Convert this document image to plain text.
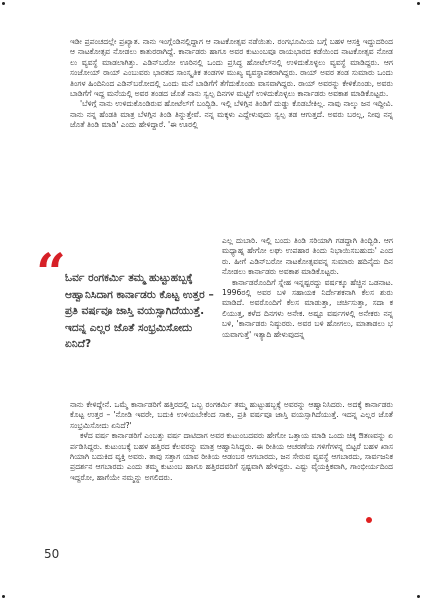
ಇಡೀ ಪ್ರಪಂಚದಲ್ಲೇ ಪ್ರಖ್ಯಾತ. ನಾನು ಇಂಗ್ಲೆಂಡಿನಲ್ಲಿದ್ದಾಗ ಆ ನಾಟಕೋತ್ಸವ ನಡೆಯಿತು. ರಂಗಭೂಮಿಯ ಬಗ್ಗೆ ಬಹಳ ಆಸಕ್ತಿ ಇದ್ದುದರಿಂದ ಆ ನಾಟಕೋತ್ಸವ ನೋಡಲು ಕಾತುರರಾಗಿದ್ದೆ. ಕಾರ್ನಾಡರು ಹಾಗೂ ಅವರ ಕುಟುಂಬವೂ ರಾಯಭಾರದ ಕಡೆಯಿಂದ ನಾಟಕೋತ್ಸವ ನೋಡಲು ವ್ಯವಸ್ಥೆ ಮಾಡಲಾಗಿತ್ತು. ಎಡಿನ್‌ಬರೋ ಊರಿನಲ್ಲಿ ಒಂದು ಪ್ರಸಿದ್ಧ ಹೋಟೆಲ್‌ನಲ್ಲಿ ಉಳಿದುಕೊಳ್ಳಲು ವ್ಯವಸ್ಥೆ ಮಾಡಿದ್ದರು. ಆಗ ಸಂಜೋಯ್ ರಾಯ್ ಎಂಬುವರು ಭಾರತದ ಸಾಂಸ್ಕೃತಿಕ ತಂಡಗಳ ಮುಖ್ಯ ವ್ಯವಸ್ಥಾಪಕರಾಗಿದ್ದರು. ರಾಯ್ ಅವರ ತಂಡ ಸುಮಾರು ಒಂದು ತಿಂಗಳ ಹಿಂದಿನಿಂದ ಎಡಿನ್‌ಬರೋದಲ್ಲಿ ಒಂದು ಮನೆ ಬಾಡಿಗೆಗೆ ತೆಗೆದುಕೊಂಡು ವಾಸವಾಗಿದ್ದರು. ರಾಯ್ ಅವರನ್ನು ಕೇಳಿಕೊಂಡು, ಅವರು ಬಾಡಿಗೆಗೆ ಇದ್ದ ಮನೆಯಲ್ಲಿ ಅವರ ತಂಡದ ಜೊತೆ ನಾನು ಸ್ವಲ್ಪ ದಿನಗಳ ಮಟ್ಟಿಗೆ ಉಳಿದುಕೊಳ್ಳಲು ಕಾರ್ನಾಡರು ಅವಕಾಶ ಮಾಡಿಕೊಟ್ಟರು.

'ಬೆಳಿಗ್ಗೆ ನಾನು ಉಳಿದುಕೊಂಡಿರುವ ಹೋಟೆಲ್‌ಗೆ ಬಂದ್ಬಿಡಿ. ಇಲ್ಲಿ ಬೆಳಿಗ್ಗಿನ ತಿಂಡಿಗೆ ದುಡ್ಡು ಕೊಡಬೇಕಿಲ್ಲ. ನಾವು ನಾಲ್ಕು ಜನ ಇದ್ದೀವಿ. ನಾನು ನನ್ನ ಹೆಂಡತಿ ಮಾತ್ರ ಬೆಳಗ್ಗಿನ ತಿಂಡಿ ತಿನ್ನುತ್ತೇವೆ. ನನ್ನ ಮಕ್ಕಳು ಎದ್ದೇಳುವುದು ಸ್ವಲ್ಪ ತಡ ಆಗುತ್ತದೆ. ಅವರು ಬರಲ್ಲ, ನೀವು ನನ್ನ ಜೊತೆ ತಿಂಡಿ ಮಾಡಿ' ಎಂದು ಹೇಳಿದ್ದಾರೆ. 'ಈ ಊರಲ್ಲಿ

“ ಓರ್ವ ರಂಗಕರ್ಮಿ ತಮ್ಮ ಹುಟ್ಟುಹಬ್ಬಕ್ಕೆ ಆಹ್ವಾನಿಸಿದಾಗ ಕಾರ್ನಾಡರು ಕೊಟ್ಟ ಉತ್ತರ – ಪ್ರತಿ ವರ್ಷವೂ ಜಾಸ್ತಿ ವಯಸ್ಸಾಗಿದೆಯುತ್ತೆ. ಇದನ್ನ ಎಲ್ಲರ ಜೊತೆ ಸಂಭ್ರಮಿಸೋದು ಏನಿದೆ?

ಎಲ್ಲ ದುಬಾರಿ. ಇಲ್ಲಿ ಬಂದು ತಿಂಡಿ ಸರಿಯಾಗಿ ಗಡದ್ದಾಗಿ ತಿಂದ್ಬಿಡಿ. ಆಗ ಮಧ್ಯಾಹ್ನ ಹೇಗೋ ಲಘು ಉಪಹಾರ ತಿಂದು ನಿಭಾಯಿಸಬಹುದು' ಎಂದರು. ಹೀಗೆ ಎಡಿನ್‌ಬರೋ ನಾಟಕೋತ್ಸವವನ್ನ ಸುಮಾರು ಹದಿನೈದು ದಿನ ನೋಡಲು ಕಾರ್ನಾಡರು ಅವಕಾಶ ಮಾಡಿಕೊಟ್ಟರು.

ಕಾರ್ನಾಡರೊಂದಿಗೆ ಸ್ನೇಹ ಇನ್ನಷ್ಟರದ್ದು ವರ್ಷಕ್ಕೂ ಹೆಚ್ಚಿನ ಒಡನಾಟ. 1996ರಲ್ಲಿ ಅವರ ಬಳಿ ಸಹಾಯಕ ನಿರ್ದೇಶಕನಾಗಿ ಕೆಲಸ ಶುರು ಮಾಡಿದೆ. ಅವರೊಂದಿಗೆ ಕೆಲಸ ಮಾಡುತ್ತಾ, ಚರ್ಚಿಸುತ್ತಾ, ಸದಾ ಕಲಿಯುತ್ತ, ಕಳೆದ ದಿನಗಳು ಅನೇಕ. ಅಷ್ಟೂ ವರ್ಷಗಳಲ್ಲಿ ಅನೇಕರು ನನ್ನ ಬಳಿ, 'ಕಾರ್ನಾಡರು ನಿಷ್ಠುರರು. ಅವರ ಬಳಿ ಹೋಗಲು, ಮಾತಾಡಲು ಭಯವಾಗುತ್ತೆ' ಇತ್ಯಾದಿ ಹೇಳುವುದನ್ನ

ನಾನು ಕೇಳಿದ್ದೇನೆ. ಒಮ್ಮೆ ಕಾರ್ನಾಡರಿಗೆ ಹತ್ತಿರದಲ್ಲಿ ಒಬ್ಬ ರಂಗಕರ್ಮಿ ತಮ್ಮ ಹುಟ್ಟುಹಬ್ಬಕ್ಕೆ ಅವರನ್ನು ಆಹ್ವಾನಿಸಿದರು. ಅದಕ್ಕೆ ಕಾರ್ನಾಡರು ಕೊಟ್ಟ ಉತ್ತರ – 'ನೋಡಿ ಇವರೇ, ಬದುಕಿ ಉಳಿಯಬೇಕೆಂದ ಸಾಕು, ಪ್ರತಿ ವರ್ಷವೂ ಜಾಸ್ತಿ ವಯಸ್ಸಾಗಿದೆಯುತ್ತೆ. ಇದನ್ನ ಎಲ್ಲರ ಜೊತೆ ಸಂಭ್ರಮಿಸೋದು ಏನಿದೆ?'

ಕಳೆದ ವರ್ಷ ಕಾರ್ನಾಡರಿಗೆ ಎಂಬತ್ತು ವರ್ಷ ದಾಟಿದಾಗ ಅವರ ಕುಟುಂಬದವರು ಹೇಗೋ ಒತ್ತಾಯ ಮಾಡಿ ಒಂದು ಚಿಕ್ಕ ಔತಣವನ್ನು ಏರ್ಪಡಿಸಿದ್ದರು. ಕುಟುಂಬಕ್ಕೆ ಬಹಳ ಹತ್ತಿರದ ಕೆಲವರನ್ನು ಮಾತ್ರ ಆಹ್ವಾನಿಸಿದ್ದರು. ಈ ರೀತಿಯ ಆಚರಣೆಯ ಗಳಿಗೆಗಳನ್ನ ಬಿಟ್ಟರೆ ಬಹಳ ಖಾಸಗಿಯಾಗಿ ಬದುಕಿದ ವ್ಯಕ್ತಿ ಅವರು. ತಾವು ಸತ್ತಾಗ ಯಾವ ರೀತಿಯ ಆಡಂಬರ ಆಗಬಾರದು, ಜನ ಸೇರುವ ವ್ಯವಸ್ಥೆ ಆಗಬಾರದು, ಸಾರ್ವಜನಿಕ ಪ್ರದರ್ಶನ ಆಗಬಾರದು ಎಂದು ತಮ್ಮ ಕುಟುಂಬ ಹಾಗೂ ಹತ್ತಿರದವರಿಗೆ ಸ್ಪಷ್ಟವಾಗಿ ಹೇಳಿದ್ದರು. ಎಷ್ಟು ವೈಯಕ್ತಿಕವಾಗಿ, ಗಾಂಭೀರ್ಯದಿಂದ ಇದ್ದರೋ, ಹಾಗೆಯೇ ನಮ್ಮನ್ನು ಅಗಲಿದರು.

50
